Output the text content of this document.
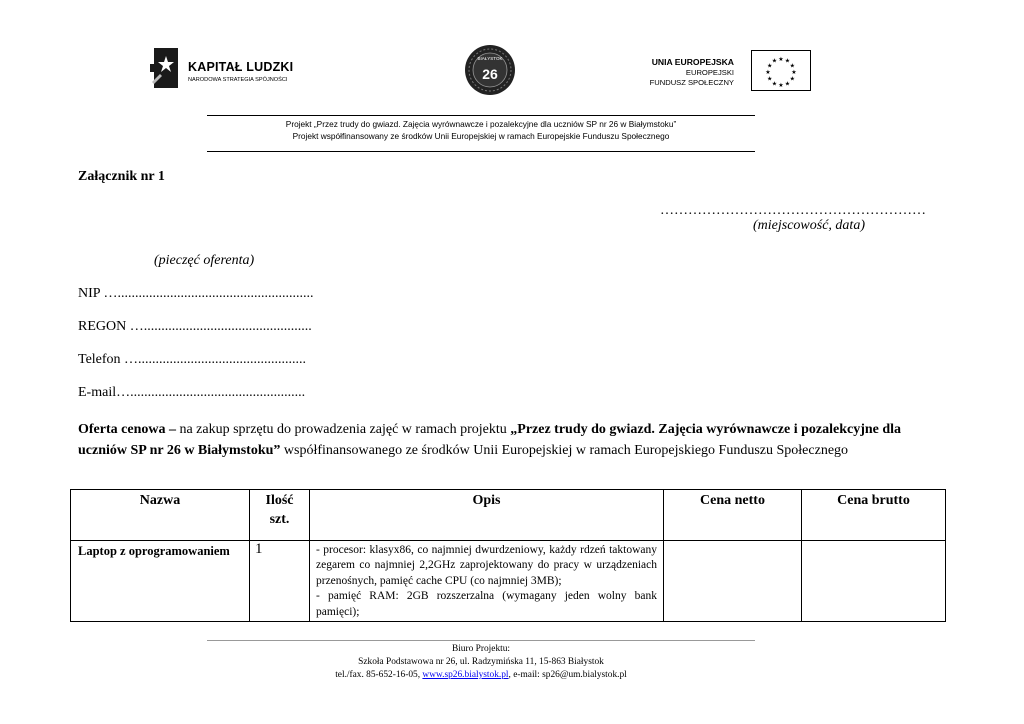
KAPITAŁ LUDZKI
NARODOWA STRATEGIA SPÓJNOŚCI	26
BIAŁYSTOK	UNIA EUROPEJSKA
EUROPEJSKI
FUNDUSZ SPOŁECZNY
★ ★
★
★
★
★
★
★
★
★
★
★
Projekt „Przez trudy do gwiazd. Zajęcia wyrównawcze i pozalekcyjne dla uczniów SP nr 26 w Białymstoku”
Projekt współfinansowany ze środków Unii Europejskiej w ramach Europejskie Funduszu Społecznego
Załącznik nr 1
…………………………………………………
(miejscowość, data)
(pieczęć oferenta)
NIP …........................................................
REGON …................................................
Telefon …................................................
E-mail…..................................................
Oferta cenowa – na zakup sprzętu do prowadzenia zajęć w ramach projektu „Przez trudy do gwiazd. Zajęcia wyrównawcze i pozalekcyjne dla uczniów SP nr 26 w Białymstoku” współfinansowanego ze środków Unii Europejskiej w ramach Europejskiego Funduszu Społecznego
Nazwa	Ilość szt.	Opis	Cena netto	Cena brutto
Laptop z oprogramowaniem	1	- procesor: klasyx86, co najmniej dwurdzeniowy, każdy rdzeń taktowany zegarem co najmniej 2,2GHz zaprojektowany do pracy w urządzeniach przenośnych, pamięć cache CPU (co najmniej 3MB);
- pamięć RAM: 2GB rozszerzalna (wymagany jeden wolny bank pamięci);		

Biuro Projektu:
Szkoła Podstawowa nr 26, ul. Radzymińska 11, 15-863 Białystok
tel./fax. 85-652-16-05, www.sp26.bialystok.pl, e-mail: sp26@um.bialystok.pl
